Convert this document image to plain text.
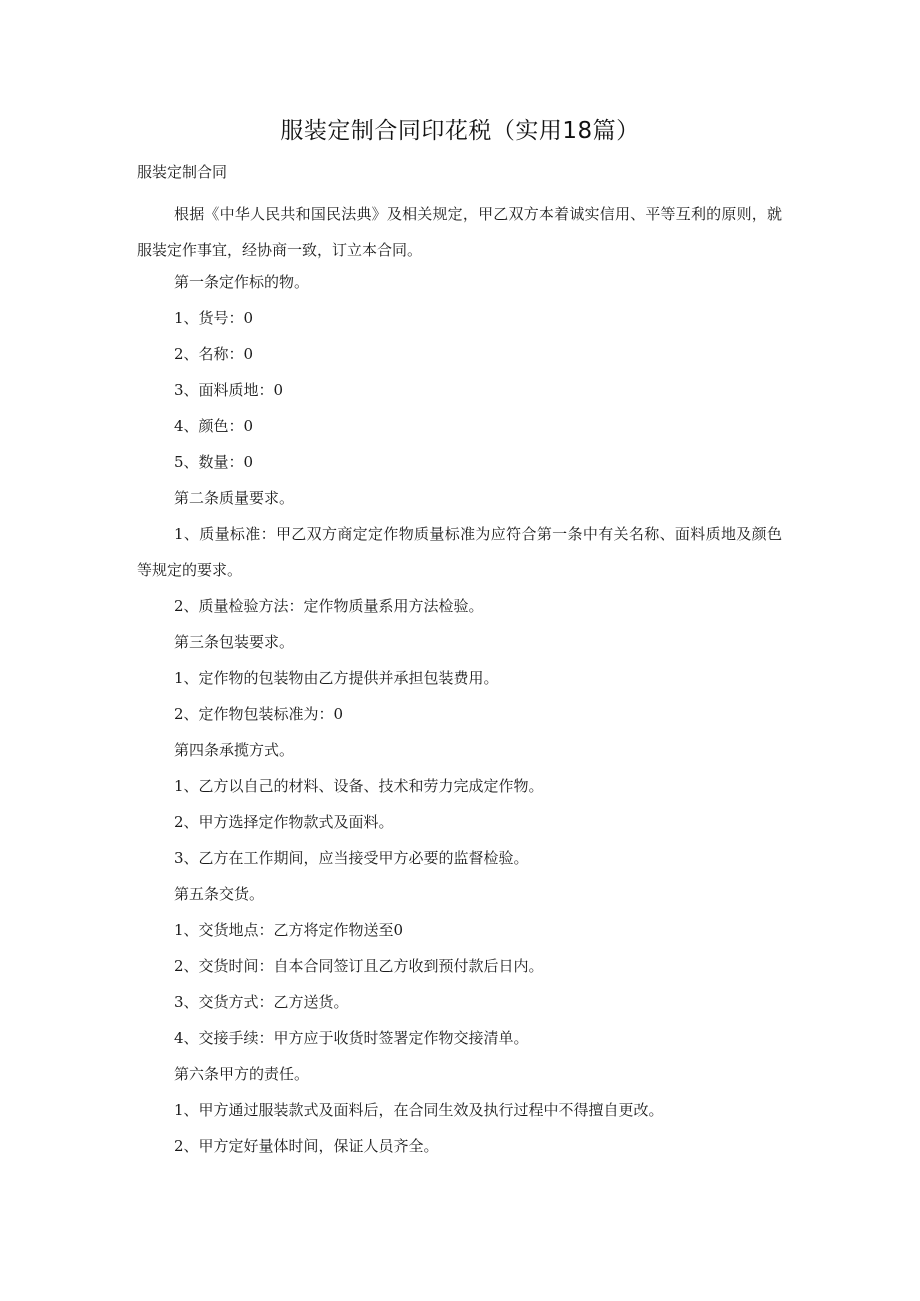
服装定制合同印花税（实用18篇）

服装定制合同

根据《中华人民共和国民法典》及相关规定，甲乙双方本着诚实信用、平等互利的原则，就服装定作事宜，经协商一致，订立本合同。

第一条定作标的物。

1、货号：0

2、名称：0

3、面料质地：0

4、颜色：0

5、数量：0

第二条质量要求。

1、质量标准：甲乙双方商定定作物质量标准为应符合第一条中有关名称、面料质地及颜色等规定的要求。

2、质量检验方法：定作物质量系用方法检验。

第三条包装要求。

1、定作物的包装物由乙方提供并承担包装费用。

2、定作物包装标准为：0

第四条承揽方式。

1、乙方以自己的材料、设备、技术和劳力完成定作物。

2、甲方选择定作物款式及面料。

3、乙方在工作期间，应当接受甲方必要的监督检验。

第五条交货。

1、交货地点：乙方将定作物送至0

2、交货时间：自本合同签订且乙方收到预付款后日内。

3、交货方式：乙方送货。

4、交接手续：甲方应于收货时签署定作物交接清单。

第六条甲方的责任。

1、甲方通过服装款式及面料后，在合同生效及执行过程中不得擅自更改。

2、甲方定好量体时间，保证人员齐全。
